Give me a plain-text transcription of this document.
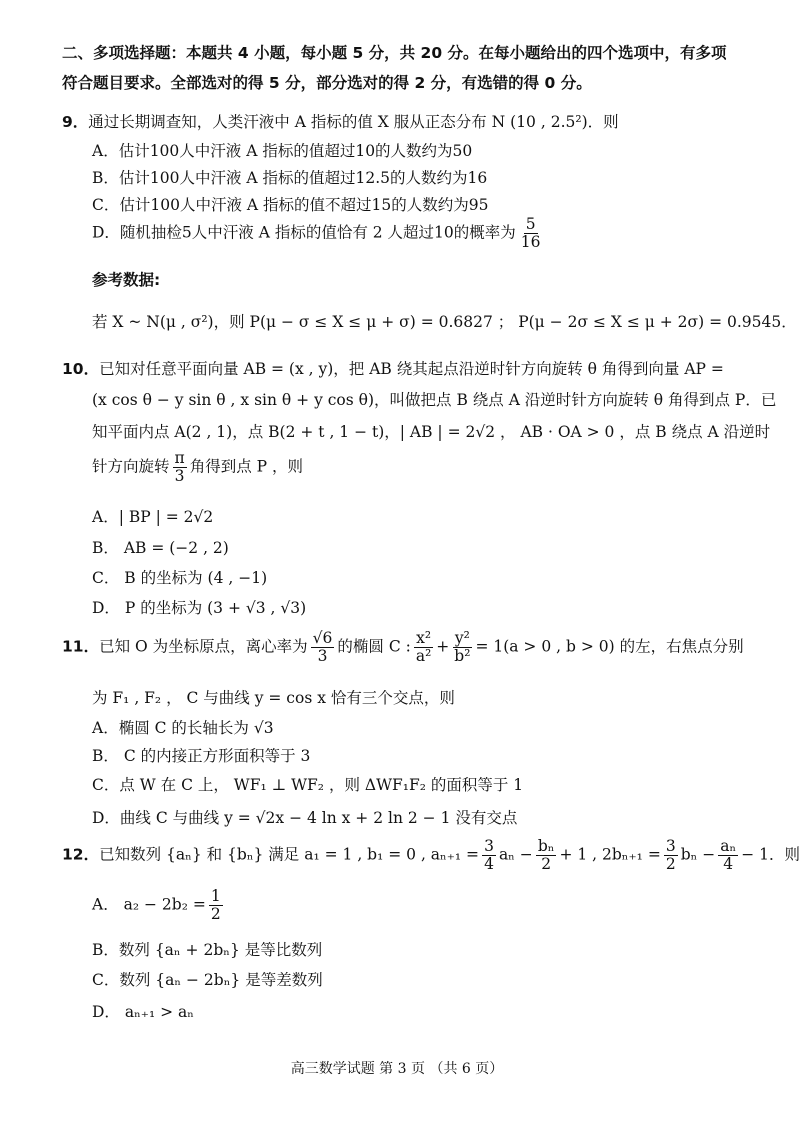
二、多项选择题：本题共 4 小题，每小题 5 分，共 20 分。在每小题给出的四个选项中，有多项
符合题目要求。全部选对的得 5 分，部分选对的得 2 分，有选错的得 0 分。
9．通过长期调查知，人类汗液中 A 指标的值 X 服从正态分布 N (10 , 2.5²)．则
A．估计100人中汗液 A 指标的值超过10的人数约为50
B．估计100人中汗液 A 指标的值超过12.5的人数约为16
C．估计100人中汗液 A 指标的值不超过15的人数约为95
D．随机抽检5人中汗液 A 指标的值恰有 2 人超过10的概率为 $\frac{5}{16}$
参考数据:
若 X ~ N(μ , σ²)，则 P(μ − σ ≤ X ≤ μ + σ) = 0.6827 ； P(μ − 2σ ≤ X ≤ μ + 2σ) = 0.9545．
10．已知对任意平面向量 AB = (x , y)，把 AB 绕其起点沿逆时针方向旋转 θ 角得到向量 AP =
(x cos θ − y sin θ , x sin θ + y cos θ)，叫做把点 B 绕点 A 沿逆时针方向旋转 θ 角得到点 P．已
知平面内点 A(2 , 1)，点 B(2 + t , 1 − t)，| AB | = 2√2 ， AB · OA > 0 ，点 B 绕点 A 沿逆时
针方向旋转 $\frac{\pi}{3}$ 角得到点 P ，则
A．| BP | = 2√2
B． AB = (−2 , 2)
C． B 的坐标为 (4 , −1)
D． P 的坐标为 (3 + √3 , √3)
11．已知 O 为坐标原点，离心率为 $\frac{√6}{3}$ 的椭圆 C : $\frac{\text{x²}}{\text{a²}} + \frac{\text{y²}}{\text{b²}} = 1(a > 0$ , b > 0) 的左，右焦点分别
为 F₁ , F₂ ， C 与曲线 y = cos x 恰有三个交点，则
A．椭圆 C 的长轴长为 √3
B． C 的内接正方形面积等于 3
C．点 W 在 C 上， WF₁ ⊥ WF₂ ，则 ΔWF₁F₂ 的面积等于 1
D．曲线 C 与曲线 y = √2x − 4 ln x + 2 ln 2 − 1 没有交点
12．已知数列 {aₙ} 和 {bₙ} 满足 a₁ = 1 , b₁ = 0 , $a_{n+1} = \frac{3}{4}$ $a_n - \frac{\text{bₙ}}{2} + 1$ , $2b_{n+1} = \frac{3}{2}$ $b_n - \frac{\text{aₙ}}{4} - 1$．则
A． $a_2 - 2b_2 = \frac{1}{2}$
B．数列 {aₙ + 2bₙ} 是等比数列
C．数列 {aₙ − 2bₙ} 是等差数列
D． aₙ₊₁ > aₙ
高三数学试题 第 3 页 （共 6 页）
